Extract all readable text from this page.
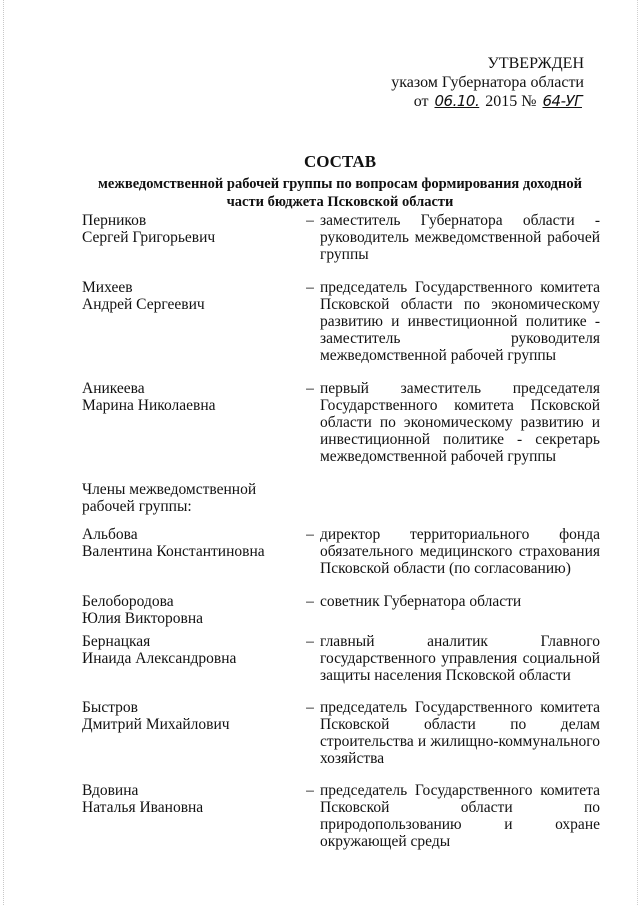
УТВЕРЖДЕН
указом Губернатора области
от 06.10. 2015 № 64-УГ
СОСТАВ
межведомственной рабочей группы по вопросам формирования доходной части бюджета Псковской области
Перников
Сергей Григорьевич
– заместитель Губернатора области - руководитель межведомственной рабочей группы
Михеев
Андрей Сергеевич
– председатель Государственного комитета Псковской области по экономическому развитию и инвестиционной политике - заместитель руководителя межведомственной рабочей группы
Аникеева
Марина Николаевна
– первый заместитель председателя Государственного комитета Псковской области по экономическому развитию и инвестиционной политике - секретарь межведомственной рабочей группы
Члены межведомственной рабочей группы:
Альбова
Валентина Константиновна
– директор территориального фонда обязательного медицинского страхования Псковской области (по согласованию)
Белобородова
Юлия Викторовна
– советник Губернатора области
Бернацкая
Инаида Александровна
– главный аналитик Главного государственного управления социальной защиты населения Псковской области
Быстров
Дмитрий Михайлович
– председатель Государственного комитета Псковской области по делам строительства и жилищно-коммунального хозяйства
Вдовина
Наталья Ивановна
– председатель Государственного комитета Псковской области по природопользованию и охране окружающей среды
